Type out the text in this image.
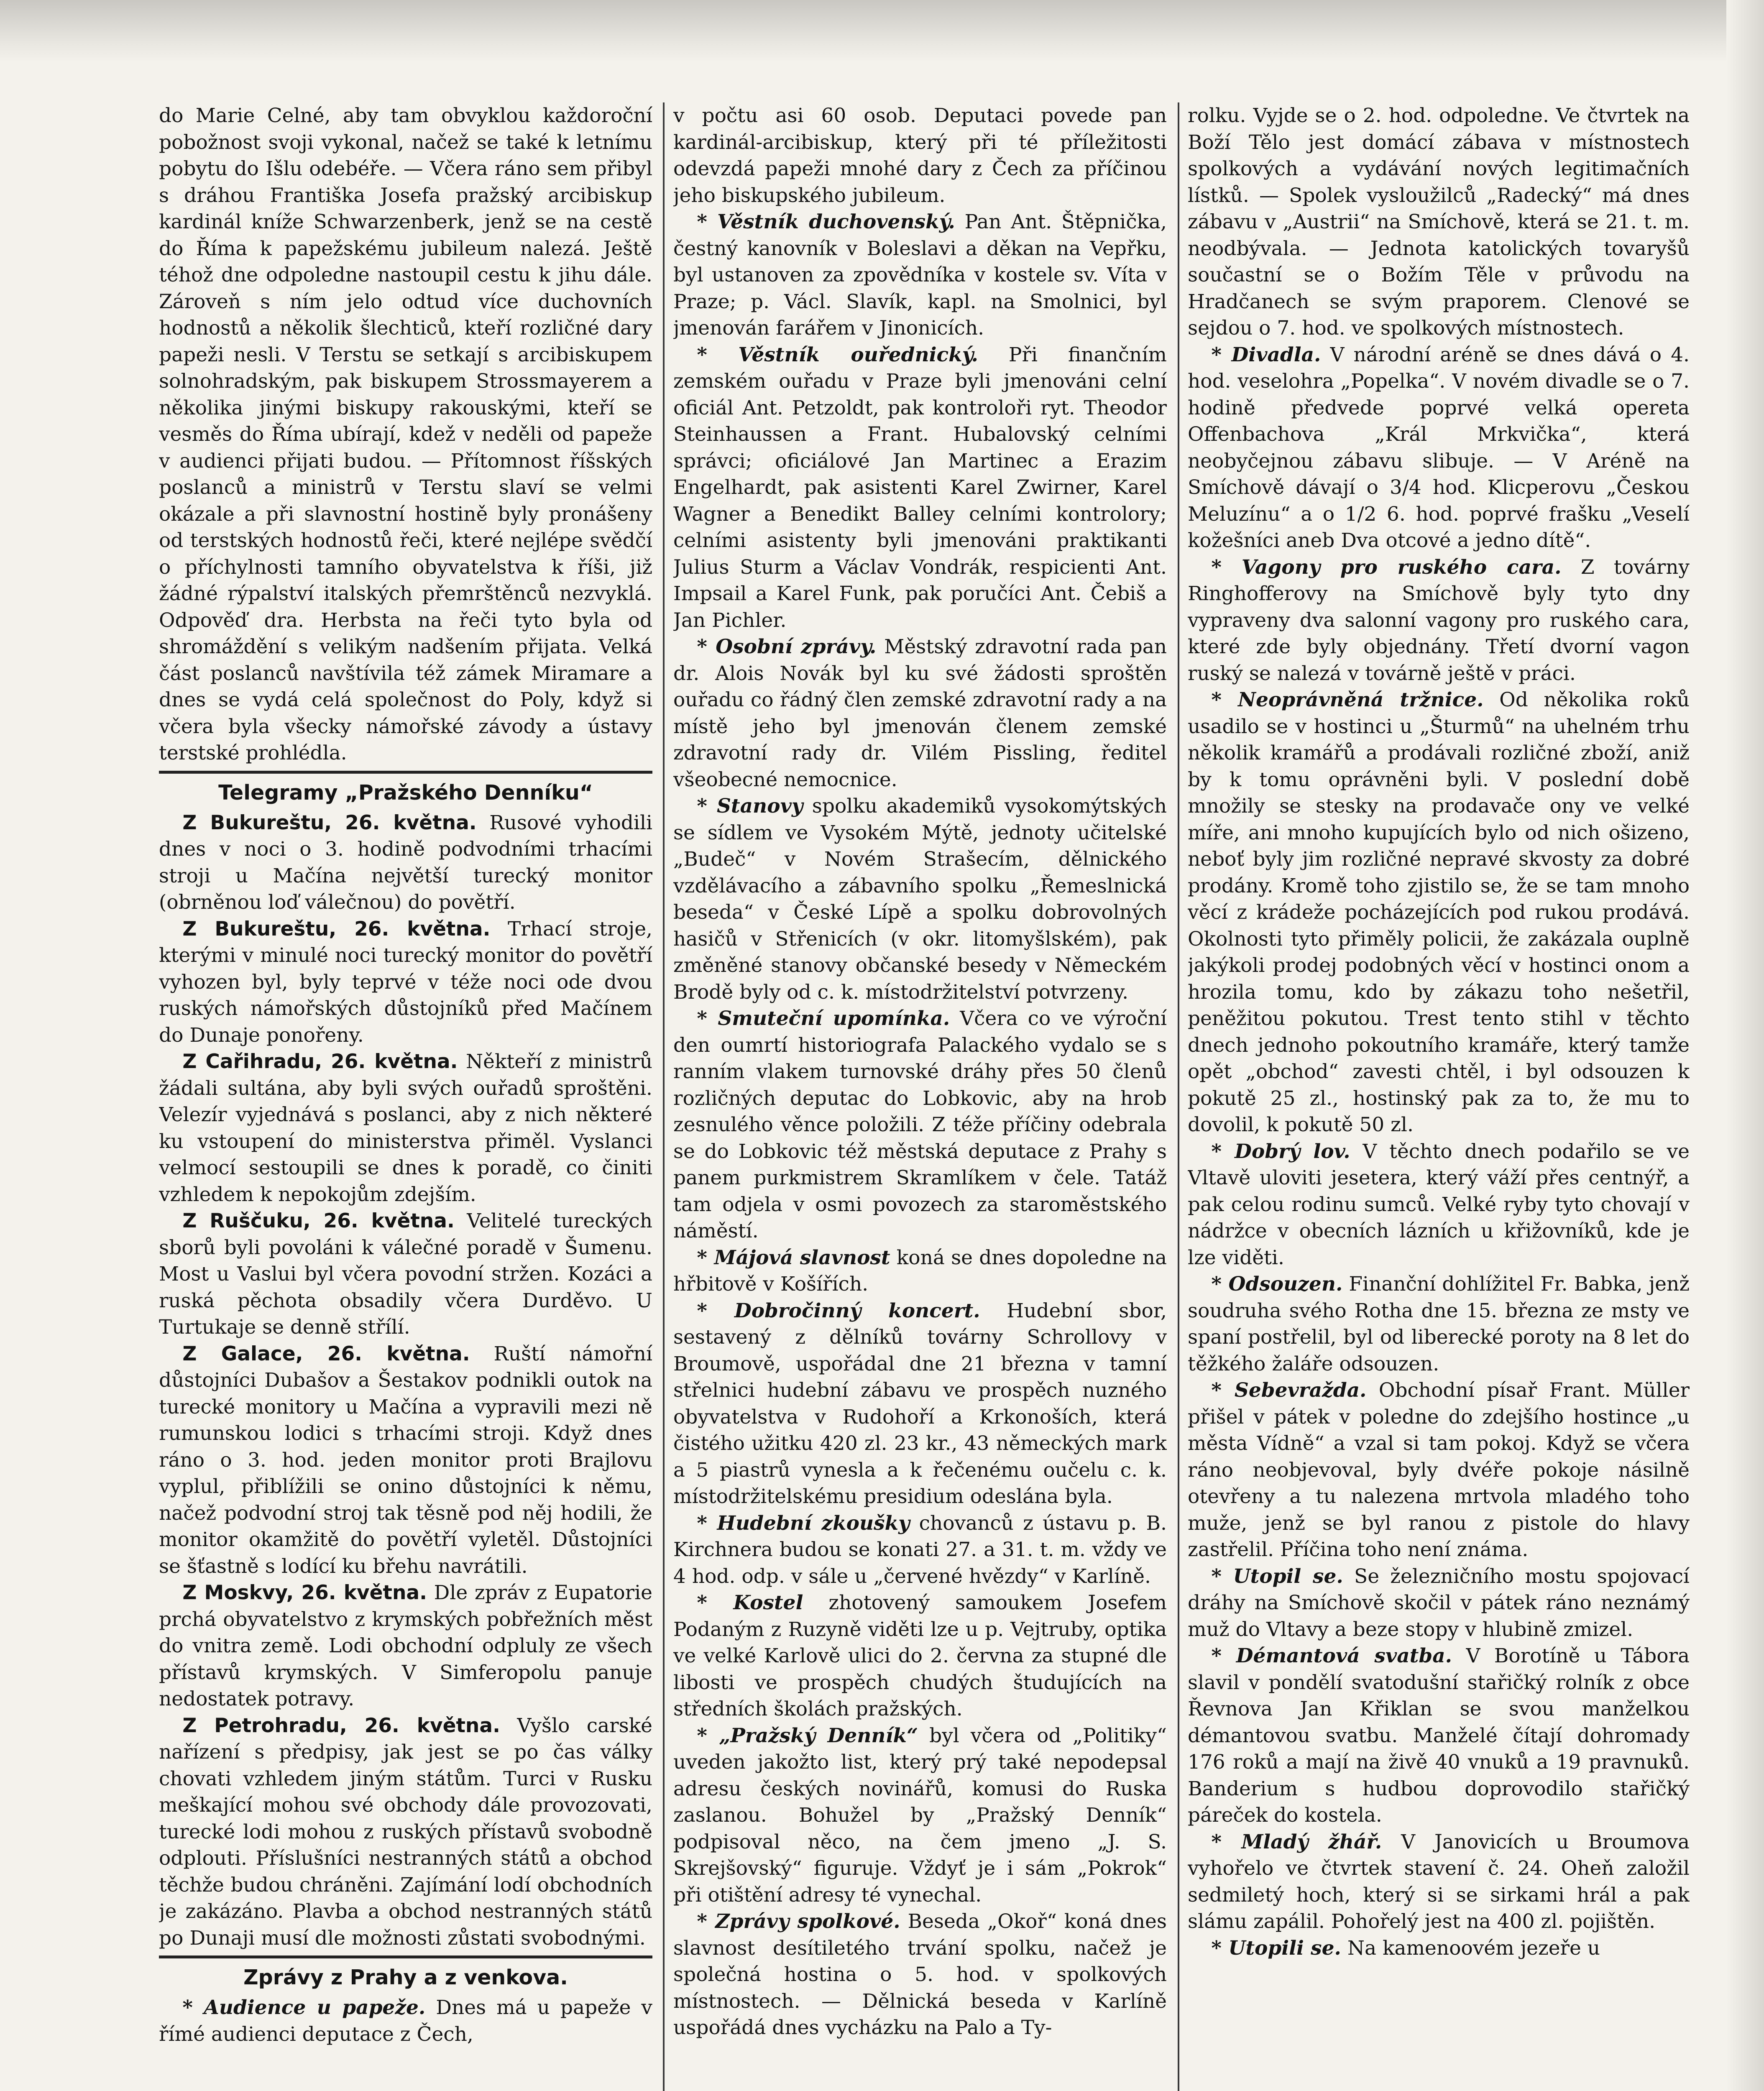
do Marie Celné, aby tam obvyklou každoroční pobožnost svoji vykonal, načež se také k letnímu pobytu do Išlu odebéře. — Včera ráno sem přibyl s dráhou Františka Josefa pražský arcibiskup kardinál kníže Schwarzenberk, jenž se na cestě do Říma k papežskému jubileum nalezá. Ještě téhož dne odpoledne nastoupil cestu k jihu dále. Zároveň s ním jelo odtud více duchovních hodnostů a několik šlechticů, kteří rozličné dary papeži nesli. V Terstu se setkají s arcibiskupem solnohradským, pak biskupem Strossmayerem a několika jinými biskupy rakouskými, kteří se vesměs do Říma ubírají, kdež v neděli od papeže v audienci přijati budou. — Přítomnost říšských poslanců a ministrů v Terstu slaví se velmi okázale a při slavnostní hostině byly pronášeny od terstských hodnostů řeči, které nejlépe svědčí o příchylnosti tamního obyvatelstva k říši, již žádné rýpalství italských přemrštěnců nezvyklá. Odpověď dra. Herbsta na řeči tyto byla od shromáždění s velikým nadšením přijata. Velká část poslanců navštívila též zámek Miramare a dnes se vydá celá společnost do Poly, když si včera byla všecky námořské závody a ústavy terstské prohlédla.

Telegramy „Pražského Denníku“

Z Bukureštu, 26. května. Rusové vyhodili dnes v noci o 3. hodině podvodními trhacími stroji u Mačína největší turecký monitor (obrněnou loď válečnou) do povětří.

Z Bukureštu, 26. května. Trhací stroje, kterými v minulé noci turecký monitor do povětří vyhozen byl, byly teprvé v téže noci ode dvou ruských námořských důstojníků před Mačínem do Dunaje ponořeny.

Z Cařihradu, 26. května. Někteří z ministrů žádali sultána, aby byli svých ouřadů sproštěni. Velezír vyjednává s poslanci, aby z nich některé ku vstoupení do ministerstva přiměl. Vyslanci velmocí sestoupili se dnes k poradě, co činiti vzhledem k nepokojům zdejším.

Z Ruščuku, 26. května. Velitelé tureckých sborů byli povoláni k válečné poradě v Šumenu. Most u Vaslui byl včera povodní stržen. Kozáci a ruská pěchota obsadily včera Durděvo. U Turtukaje se denně střílí.

Z Galace, 26. května. Ruští námořní důstojníci Dubašov a Šestakov podnikli outok na turecké monitory u Mačína a vypravili mezi ně rumunskou lodici s trhacími stroji. Když dnes ráno o 3. hod. jeden monitor proti Brajlovu vyplul, přiblížili se onino důstojníci k němu, načež podvodní stroj tak těsně pod něj hodili, že monitor okamžitě do povětří vyletěl. Důstojníci se šťastně s lodící ku břehu navrátili.

Z Moskvy, 26. května. Dle zpráv z Eupatorie prchá obyvatelstvo z krymských pobřežních měst do vnitra země. Lodi obchodní odpluly ze všech přístavů krymských. V Simferopolu panuje nedostatek potravy.

Z Petrohradu, 26. května. Vyšlo carské nařízení s předpisy, jak jest se po čas války chovati vzhledem jiným státům. Turci v Rusku meškající mohou své obchody dále provozovati, turecké lodi mohou z ruských přístavů svobodně odplouti. Příslušníci nestranných států a obchod těchže budou chráněni. Zajímání lodí obchodních je zakázáno. Plavba a obchod nestranných států po Dunaji musí dle možnosti zůstati svobodnými.

Zprávy z Prahy a z venkova.

* Audience u papeže. Dnes má u papeže v římé audienci deputace z Čech,

v počtu asi 60 osob. Deputaci povede pan kardinál-arcibiskup, který při té příležitosti odevzdá papeži mnohé dary z Čech za příčinou jeho biskupského jubileum.

* Věstník duchovenský. Pan Ant. Štěpnička, čestný kanovník v Boleslavi a děkan na Vepřku, byl ustanoven za zpovědníka v kostele sv. Víta v Praze; p. Václ. Slavík, kapl. na Smolnici, byl jmenován farářem v Jinonicích.

* Věstník ouřednický. Při finančním zemském ouřadu v Praze byli jmenováni celní oficiál Ant. Petzoldt, pak kontroloři ryt. Theodor Steinhaussen a Frant. Hubalovský celními správci; oficiálové Jan Martinec a Erazim Engelhardt, pak asistenti Karel Zwirner, Karel Wagner a Benedikt Balley celními kontrolory; celními asistenty byli jmenováni praktikanti Julius Sturm a Václav Vondrák, respicienti Ant. Impsail a Karel Funk, pak poručíci Ant. Čebiš a Jan Pichler.

* Osobní zprávy. Městský zdravotní rada pan dr. Alois Novák byl ku své žádosti sproštěn ouřadu co řádný člen zemské zdravotní rady a na místě jeho byl jmenován členem zemské zdravotní rady dr. Vilém Pissling, ředitel všeobecné nemocnice.

* Stanovy spolku akademiků vysokomýtských se sídlem ve Vysokém Mýtě, jednoty učitelské „Budeč“ v Novém Strašecím, dělnického vzdělávacího a zábavního spolku „Řemeslnická beseda“ v České Lípě a spolku dobrovolných hasičů v Střenicích (v okr. litomyšlském), pak změněné stanovy občanské besedy v Německém Brodě byly od c. k. místodržitelství potvrzeny.

* Smuteční upomínka. Včera co ve výroční den oumrtí historiografa Palackého vydalo se s ranním vlakem turnovské dráhy přes 50 členů rozličných deputac do Lobkovic, aby na hrob zesnulého věnce položili. Z téže příčiny odebrala se do Lobkovic též městská deputace z Prahy s panem purkmistrem Skramlíkem v čele. Tatáž tam odjela v osmi povozech za staroměstského náměstí.

* Májová slavnost koná se dnes dopoledne na hřbitově v Košířích.

* Dobročinný koncert. Hudební sbor, sestavený z dělníků továrny Schrollovy v Broumově, uspořádal dne 21 března v tamní střelnici hudební zábavu ve prospěch nuzného obyvatelstva v Rudohoří a Krkonoších, která čistého užitku 420 zl. 23 kr., 43 německých mark a 5 piastrů vynesla a k řečenému oučelu c. k. místodržitelskému presidium odeslána byla.

* Hudební zkoušky chovanců z ústavu p. B. Kirchnera budou se konati 27. a 31. t. m. vždy ve 4 hod. odp. v sále u „červené hvězdy“ v Karlíně.

* Kostel zhotovený samoukem Josefem Podaným z Ruzyně viděti lze u p. Vejtruby, optika ve velké Karlově ulici do 2. června za stupné dle libosti ve prospěch chudých študujících na středních školách pražských.

* „Pražský Denník“ byl včera od „Politiky“ uveden jakožto list, který prý také nepodepsal adresu českých novinářů, komusi do Ruska zaslanou. Bohužel by „Pražský Denník“ podpisoval něco, na čem jmeno „J. S. Skrejšovský“ figuruje. Vždyť je i sám „Pokrok“ při otištění adresy té vynechal.

* Zprávy spolkové. Beseda „Okoř“ koná dnes slavnost desítiletého trvání spolku, načež je společná hostina o 5. hod. v spolkových místnostech. — Dělnická beseda v Karlíně uspořádá dnes vycházku na Palo a Ty-

rolku. Vyjde se o 2. hod. odpoledne. Ve čtvrtek na Boží Tělo jest domácí zábava v místnostech spolkových a vydávání nových legitimačních lístků. — Spolek vysloužilců „Radecký“ má dnes zábavu v „Austrii“ na Smíchově, která se 21. t. m. neodbývala. — Jednota katolických tovaryšů součastní se o Božím Těle v průvodu na Hradčanech se svým praporem. Clenové se sejdou o 7. hod. ve spolkových místnostech.

* Divadla. V národní aréně se dnes dává o 4. hod. veselohra „Popelka“. V novém divadle se o 7. hodině předvede poprvé velká opereta Offenbachova „Král Mrkvička“, která neobyčejnou zábavu slibuje. — V Aréně na Smíchově dávají o 3/4 hod. Klicperovu „Českou Meluzínu“ a o 1/2 6. hod. poprvé frašku „Veselí kožešníci aneb Dva otcové a jedno dítě“.

* Vagony pro ruského cara. Z továrny Ringhofferovy na Smíchově byly tyto dny vypraveny dva salonní vagony pro ruského cara, které zde byly objednány. Třetí dvorní vagon ruský se nalezá v továrně ještě v práci.

* Neoprávněná tržnice. Od několika roků usadilo se v hostinci u „Šturmů“ na uhelném trhu několik kramářů a prodávali rozličné zboží, aniž by k tomu oprávněni byli. V poslední době množily se stesky na prodavače ony ve velké míře, ani mnoho kupujících bylo od nich ošizeno, neboť byly jim rozličné nepravé skvosty za dobré prodány. Kromě toho zjistilo se, že se tam mnoho věcí z krádeže pocházejících pod rukou prodává. Okolnosti tyto přiměly policii, že zakázala ouplně jakýkoli prodej podobných věcí v hostinci onom a hrozila tomu, kdo by zákazu toho nešetřil, peněžitou pokutou. Trest tento stihl v těchto dnech jednoho pokoutního kramáře, který tamže opět „obchod“ zavesti chtěl, i byl odsouzen k pokutě 25 zl., hostinský pak za to, že mu to dovolil, k pokutě 50 zl.

* Dobrý lov. V těchto dnech podařilo se ve Vltavě uloviti jesetera, který váží přes centnýř, a pak celou rodinu sumců. Velké ryby tyto chovají v nádržce v obecních lázních u křižovníků, kde je lze viděti.

* Odsouzen. Finanční dohlížitel Fr. Babka, jenž soudruha svého Rotha dne 15. března ze msty ve spaní postřelil, byl od liberecké poroty na 8 let do těžkého žaláře odsouzen.

* Sebevražda. Obchodní písař Frant. Müller přišel v pátek v poledne do zdejšího hostince „u města Vídně“ a vzal si tam pokoj. Když se včera ráno neobjevoval, byly dvéře pokoje násilně otevřeny a tu nalezena mrtvola mladého toho muže, jenž se byl ranou z pistole do hlavy zastřelil. Příčina toho není známa.

* Utopil se. Se železničního mostu spojovací dráhy na Smíchově skočil v pátek ráno neznámý muž do Vltavy a beze stopy v hlubině zmizel.

* Démantová svatba. V Borotíně u Tábora slavil v pondělí svatodušní stařičký rolník z obce Řevnova Jan Křiklan se svou manželkou démantovou svatbu. Manželé čítají dohromady 176 roků a mají na živě 40 vnuků a 19 pravnuků. Banderium s hudbou doprovodilo stařičký páreček do kostela.

* Mladý žhář. V Janovicích u Broumova vyhořelo ve čtvrtek stavení č. 24. Oheň založil sedmiletý hoch, který si se sirkami hrál a pak slámu zapálil. Pohořelý jest na 400 zl. pojištěn.

* Utopili se. Na kamenoovém jezeře u
